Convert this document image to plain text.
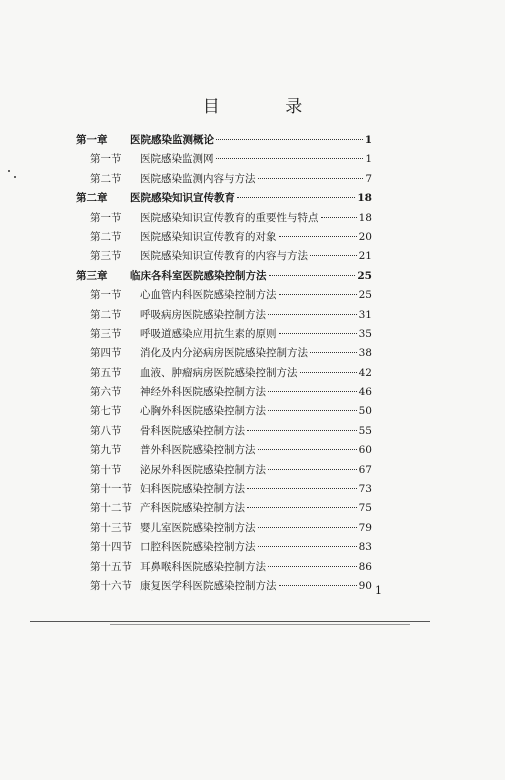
目 录
第一章	医院感染监测概论	1
第一节	医院感染监测网	1
第二节	医院感染监测内容与方法	7
第二章	医院感染知识宣传教育	18
第一节	医院感染知识宣传教育的重要性与特点	18
第二节	医院感染知识宣传教育的对象	20
第三节	医院感染知识宣传教育的内容与方法	21
第三章	临床各科室医院感染控制方法	25
第一节	心血管内科医院感染控制方法	25
第二节	呼吸病房医院感染控制方法	31
第三节	呼吸道感染应用抗生素的原则	35
第四节	消化及内分泌病房医院感染控制方法	38
第五节	血液、肿瘤病房医院感染控制方法	42
第六节	神经外科医院感染控制方法	46
第七节	心胸外科医院感染控制方法	50
第八节	骨科医院感染控制方法	55
第九节	普外科医院感染控制方法	60
第十节	泌尿外科医院感染控制方法	67
第十一节 妇科医院感染控制方法	73
第十二节 产科医院感染控制方法	75
第十三节 婴儿室医院感染控制方法	79
第十四节 口腔科医院感染控制方法	83
第十五节 耳鼻喉科医院感染控制方法	86
第十六节 康复医学科医院感染控制方法	90 1
